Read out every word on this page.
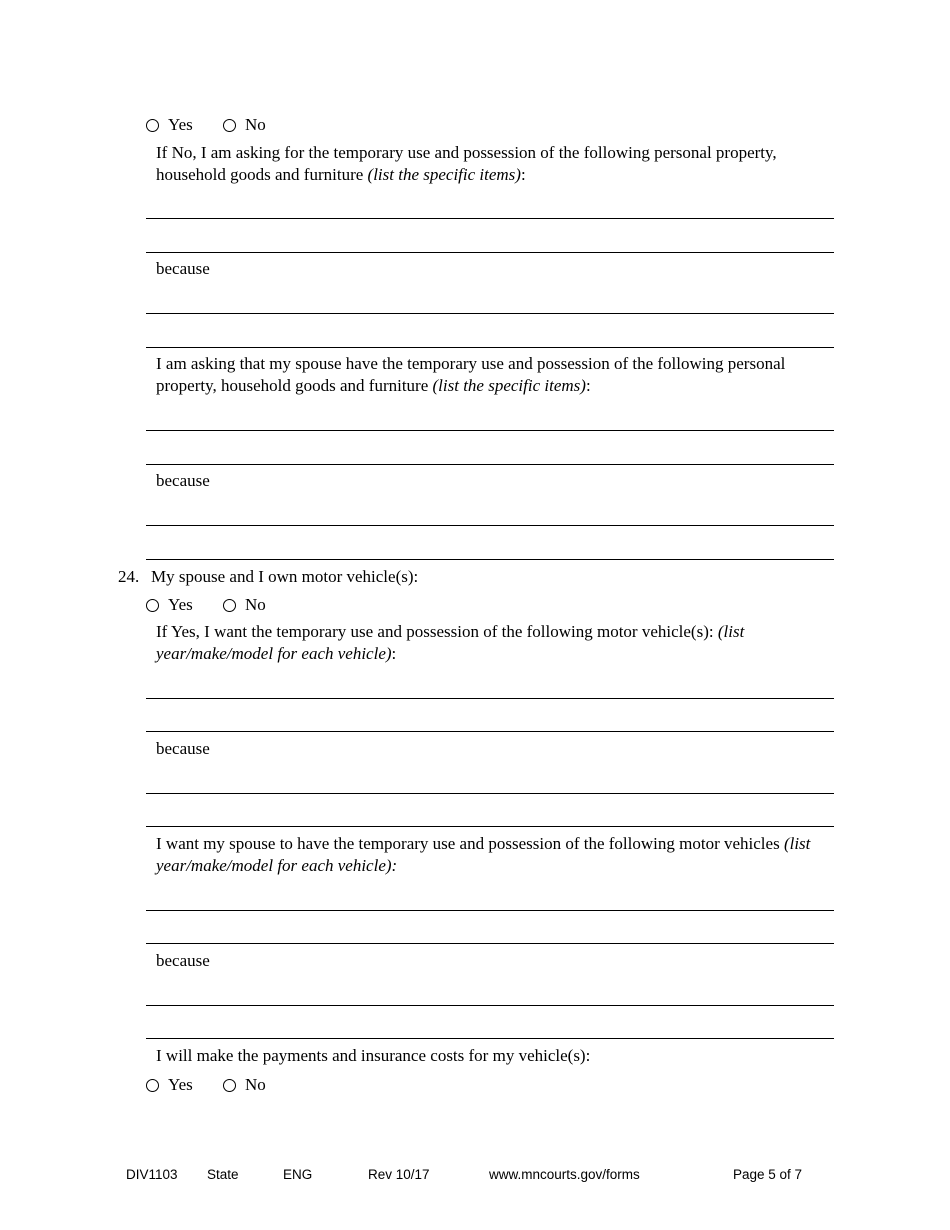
Yes	No
If No, I am asking for the temporary use and possession of the following personal property, household goods and furniture (list the specific items):
because
I am asking that my spouse have the temporary use and possession of the following personal property, household goods and furniture (list the specific items):
because
24. My spouse and I own motor vehicle(s):
Yes	No
If Yes, I want the temporary use and possession of the following motor vehicle(s): (list year/make/model for each vehicle):
because
I want my spouse to have the temporary use and possession of the following motor vehicles (list year/make/model for each vehicle):
because
I will make the payments and insurance costs for my vehicle(s):
Yes	No
DIV1103 State	ENG	Rev 10/17	www.mncourts.gov/forms	Page 5 of 7
